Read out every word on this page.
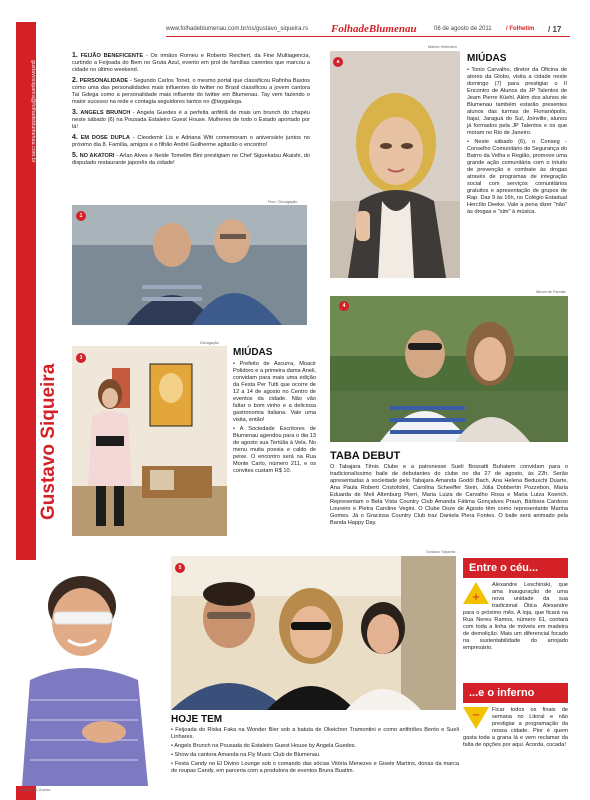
gustavosiqueira@folhadeblumenau.com.br
Gustavo Siqueira
www.folhadeblumenau.com.br/os/gustavo_siqueira.rs FolhadeBlumenau	06 de agosto de 2011 / Folhetim / 17
1. FEIJÃO BENEFICENTE - Os irmãos Romeu e Roberto Reichert, da Fine Multiagencia, curtindo a Feijoada do Bem no Gruta Azul, evento em prol de famílias carentes que marcou a cidade no último weekend.
2. PERSONALIDADE - Segundo Carlos Tonet, o mesmo portal que classificou Rafinha Bastos como uma das personalidades mais influentes do twitter no Brasil classificou a jovem cantora Taí Gdega como a personalidade mais influente do twitter em Blumenau. Tay vem fazendo o maior sucesso na rede e contagia seguidores tantos no @taygalega.
3. ANGELS BRUNCH - Angela Guedes é a perfeita anfitriã de mais um brunch do chapéu neste sábado (6) na Pousada Estaleiro Guest House. Mulheres de todo o Estado aportado por lá!
4. EM DOSE DUPLA - Cleodemir Lis e Adriana Witt comemoram o aniversário juntos no próximo dia 8. Família, amigos e o filhão André Guilherme agitarão o encontro!
5. NO AKATORI - Arlan Alves e Neide Tomelim Bini prestigiam no Chef Siguekatsu Akaishi, do disputado restaurante japonês da cidade!
Marlon Hellmann
a	MIÚDAS
• Tonio Carvalho, diretor da Oficina de atores da Globo, visita a cidade neste domingo (7) para prestigiar o II Encontro de Alunos da JP Talentos de Jeam Pierre Küehl. Além dos alunos de Blumenau também estarão presentes alunos das turmas de Florianópolis, Itajaí, Jaraguá do Sul, Joinville, alunos já formados pela JP Talentos e os que moram no Rio de Janeiro.
• Neste sábado (6), o Conseg - Conselho Comunitário de Segurança do Bairro da Velha e Região, promove uma grande ação comunitária com o intuito de prevenção e combate às drogas através de programas de integração social com serviços comunitários gratuitos e apresentação de grupos de Rap. Das 9 às 16h, no Colégio Estadual Hercílio Deeke. Vale a pena dizer "não" às drogas e "sim" à música.
Fine / Divulgação
1
Álbum de Família
4
Divulgação
3	MIÚDAS
• Prefeito de Ascurra, Moacir Polidoro e a primeira dama Aneli, convidam para mais uma edição da Festa Per Tutti que ocorre de 12 a 14 de agosto no Centro de eventos da cidade. Não vão faltar o bom vinho e a deliciosa gastronomia italiana. Vale uma visita, então!
• A Sociedade Escritores de Blumenau agendou para o dia 13 de agosto sua Tertúlia à Vela. No menu muita poesia e caldo de peixe. O encontro será na Rua Monte Carlo, número 211, e os convites custam R$ 10.
TABA DEBUT
O Tabajara Tênis Clube e a patronesse Sueli Bossatti Buhatem convidam para o tradicionalíssimo baile de debutantes do clube no dia 27 de agosto, às 22h. Serão apresentadas à sociedade pelo Tabajara Amanda Godói Bach, Ana Helena Beduschi Duarte, Ana Paula Roberti Cristofolini, Carolina Scheeffer Stein, Júlia Dobbertin Pozzebon, Maria Eduarda de Meli Altenburg Pierri, Maria Luiza de Carvalho Rosa e Maria Luiza Koerich. Representam o Bela Vista Country Club Amanda Fátima Gonçalves Praun, Bárbara Cardoso Loureiro e Pietra Caroline Vegini. O Clube Doze de Agosto têm como representante Marina Gomes. Já o Graciosa Country Club traz Daniela Piera Fontes. O baile será animado pela Banda Happy Day.
Gustavo Siqueira
5
Ana Paula Guerra
HOJE TEM
• Feijoada do Riska Faka na Wonder Bier sob a batuta de Okeichon Tramontini e como anfitriões Bento e Sueli Linhares.
• Angels Brunch na Pousada do Estaleiro Guest House by Angela Guedes.
• Show da cantora Amanda na Fly Music Club de Blumenau.
• Festa Candy no El Divino Lounge sob o comando das sócias Vitória Menezes e Gisele Martins, donas da marca de roupas Candy, em parceria com a produtora de eventos Bruna Buatim.
Entre o céu...
+
Alexandre Leschinski, que ama inauguração de uma nova unidade da sua tradicional Ótica Alexandre para o próximo mês. A loja, que ficará na Rua Nereu Ramos, número 61, contará com toda a linha de móveis em madeira de demolição. Mais um diferencial focado na sustentabilidade do arrojado empresário.
...e o inferno
−	Ficar todos os finais de semana no Litoral e não prestigiar a programação da nossa cidade. Pior é quem gasta toda a grana lá e vem reclamar da falta de opções por aqui. Acorda, cocada!
